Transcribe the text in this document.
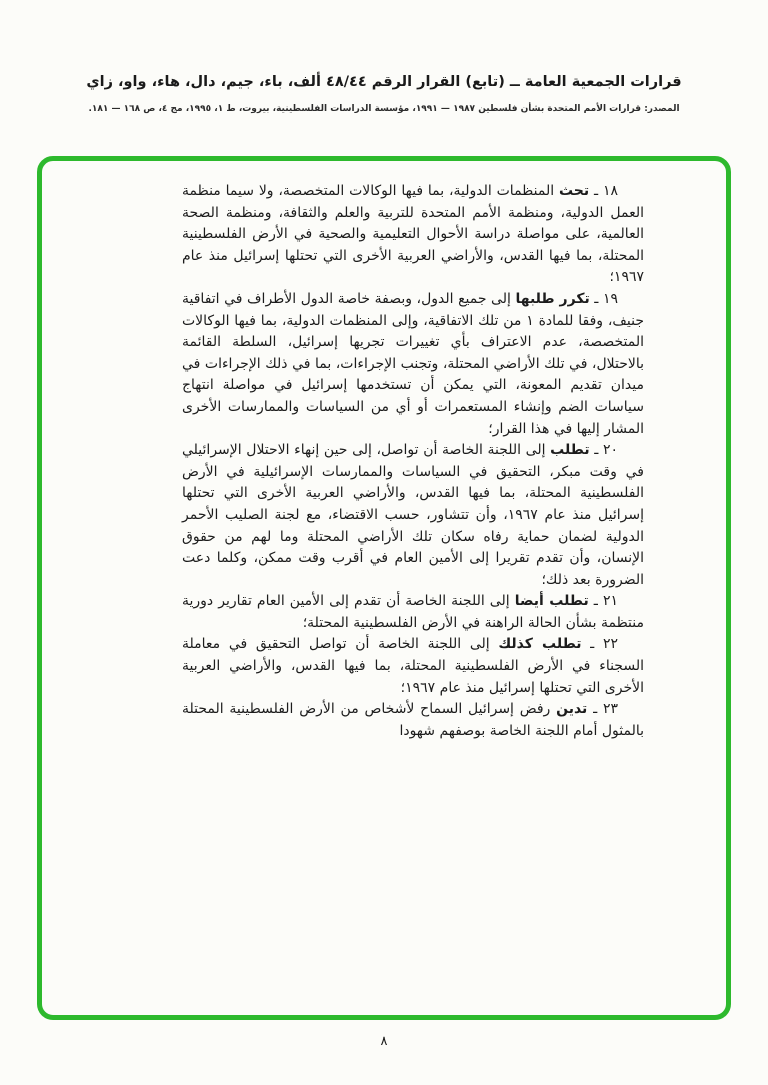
قرارات الجمعية العامة ــ (تابع) القرار الرقم ٤٨/٤٤ ألف، باء، جيم، دال، هاء، واو، زاي
المصدر: قرارات الأمم المتحدة بشأن فلسطين ١٩٨٧ — ١٩٩١، مؤسسة الدراسات الفلسطينية، بيروت، ط ١، ١٩٩٥، مج ٤، ص ١٦٨ — ١٨١.

١٨ ـ تحث المنظمات الدولية، بما فيها الوكالات المتخصصة، ولا سيما منظمة العمل الدولية، ومنظمة الأمم المتحدة للتربية والعلم والثقافة، ومنظمة الصحة العالمية، على مواصلة دراسة الأحوال التعليمية والصحية في الأرض الفلسطينية المحتلة، بما فيها القدس، والأراضي العربية الأخرى التي تحتلها إسرائيل منذ عام ١٩٦٧؛

١٩ ـ تكرر طلبها إلى جميع الدول، وبصفة خاصة الدول الأطراف في اتفاقية جنيف، وفقا للمادة ١ من تلك الاتفاقية، وإلى المنظمات الدولية، بما فيها الوكالات المتخصصة، عدم الاعتراف بأي تغييرات تجريها إسرائيل، السلطة القائمة بالاحتلال، في تلك الأراضي المحتلة، وتجنب الإجراءات، بما في ذلك الإجراءات في ميدان تقديم المعونة، التي يمكن أن تستخدمها إسرائيل في مواصلة انتهاج سياسات الضم وإنشاء المستعمرات أو أي من السياسات والممارسات الأخرى المشار إليها في هذا القرار؛

٢٠ ـ تطلب إلى اللجنة الخاصة أن تواصل، إلى حين إنهاء الاحتلال الإسرائيلي في وقت مبكر، التحقيق في السياسات والممارسات الإسرائيلية في الأرض الفلسطينية المحتلة، بما فيها القدس، والأراضي العربية الأخرى التي تحتلها إسرائيل منذ عام ١٩٦٧، وأن تتشاور، حسب الاقتضاء، مع لجنة الصليب الأحمر الدولية لضمان حماية رفاه سكان تلك الأراضي المحتلة وما لهم من حقوق الإنسان، وأن تقدم تقريرا إلى الأمين العام في أقرب وقت ممكن، وكلما دعت الضرورة بعد ذلك؛

٢١ ـ تطلب أيضا إلى اللجنة الخاصة أن تقدم إلى الأمين العام تقارير دورية منتظمة بشأن الحالة الراهنة في الأرض الفلسطينية المحتلة؛

٢٢ ـ تطلب كذلك إلى اللجنة الخاصة أن تواصل التحقيق في معاملة السجناء في الأرض الفلسطينية المحتلة، بما فيها القدس، والأراضي العربية الأخرى التي تحتلها إسرائيل منذ عام ١٩٦٧؛

٢٣ ـ تدين رفض إسرائيل السماح لأشخاص من الأرض الفلسطينية المحتلة بالمثول أمام اللجنة الخاصة بوصفهم شهودا

٨
